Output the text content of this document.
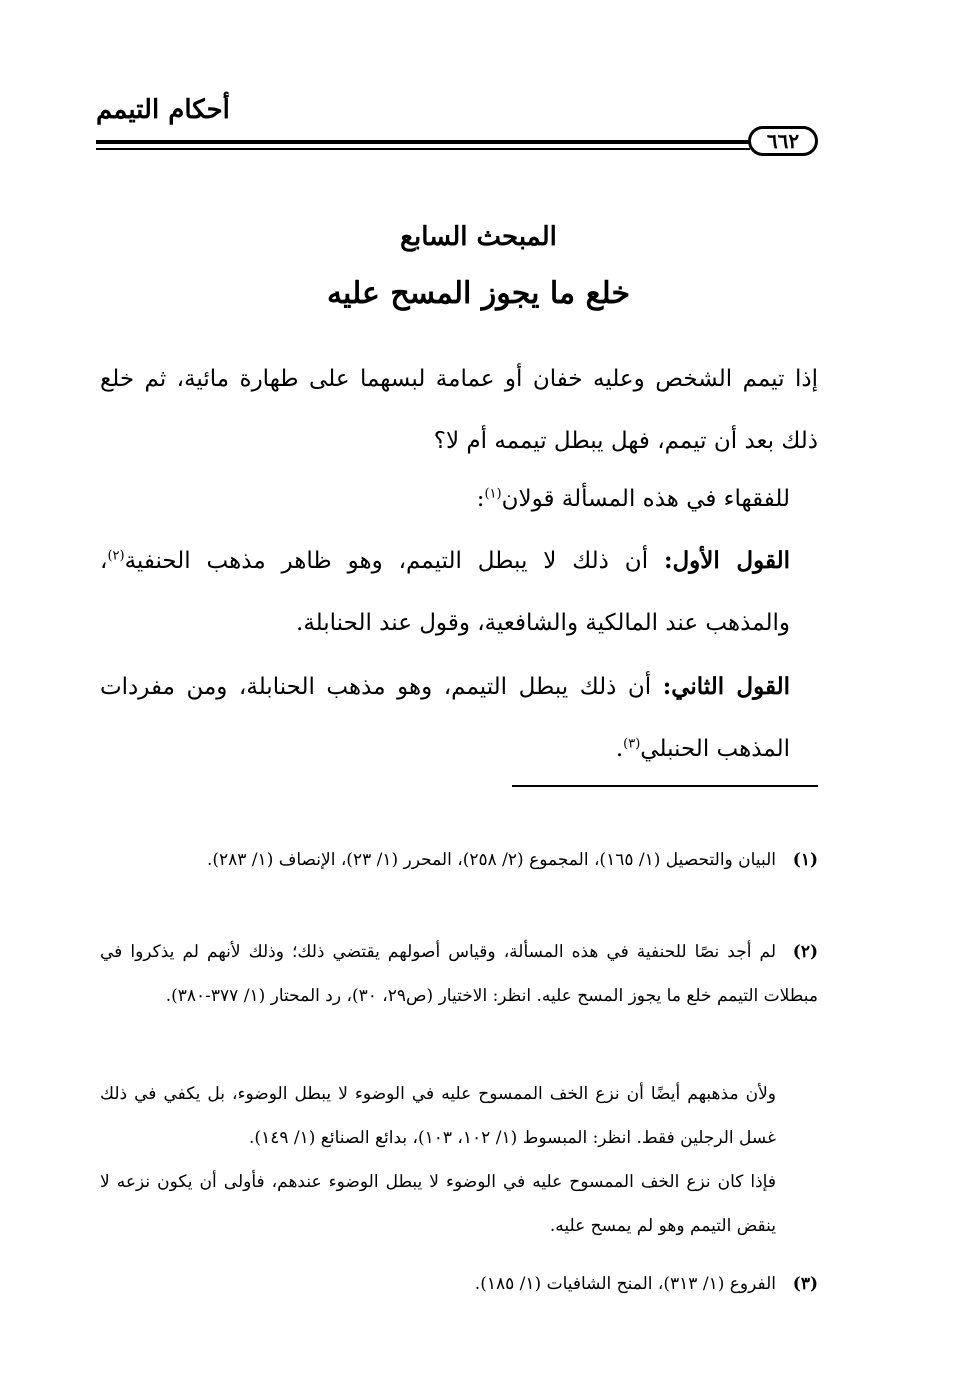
أحكام التيمم
٦٦٢
المبحث السابع
خلع ما يجوز المسح عليه
إذا تيمم الشخص وعليه خفان أو عمامة لبسهما على طهارة مائية، ثم خلع ذلك بعد أن تيمم، فهل يبطل تيممه أم لا؟
للفقهاء في هذه المسألة قولان$^{(١)}$:
القول الأول: أن ذلك لا يبطل التيمم، وهو ظاهر مذهب الحنفية$^{(٢)}$، والمذهب عند المالكية والشافعية، وقول عند الحنابلة.
القول الثاني: أن ذلك يبطل التيمم، وهو مذهب الحنابلة، ومن مفردات المذهب الحنبلي$^{(٣)}$.
(١)البيان والتحصيل (١/ ١٦٥)، المجموع (٢/ ٢٥٨)، المحرر (١/ ٢٣)، الإنصاف (١/ ٢٨٣).
(٢)لم أجد نصًا للحنفية في هذه المسألة، وقياس أصولهم يقتضي ذلك؛ وذلك لأنهم لم يذكروا في مبطلات التيمم خلع ما يجوز المسح عليه. انظر: الاختيار (ص٢٩، ٣٠)، رد المحتار (١/ ٣٧٧-٣٨٠).
ولأن مذهبهم أيضًا أن نزع الخف الممسوح عليه في الوضوء لا يبطل الوضوء، بل يكفي في ذلك غسل الرجلين فقط. انظر: المبسوط (١/ ١٠٢، ١٠٣)، بدائع الصنائع (١/ ١٤٩).
فإذا كان نزع الخف الممسوح عليه في الوضوء لا يبطل الوضوء عندهم، فأولى أن يكون نزعه لا ينقض التيمم وهو لم يمسح عليه.
(٣)الفروع (١/ ٣١٣)، المنح الشافيات (١/ ١٨٥).
